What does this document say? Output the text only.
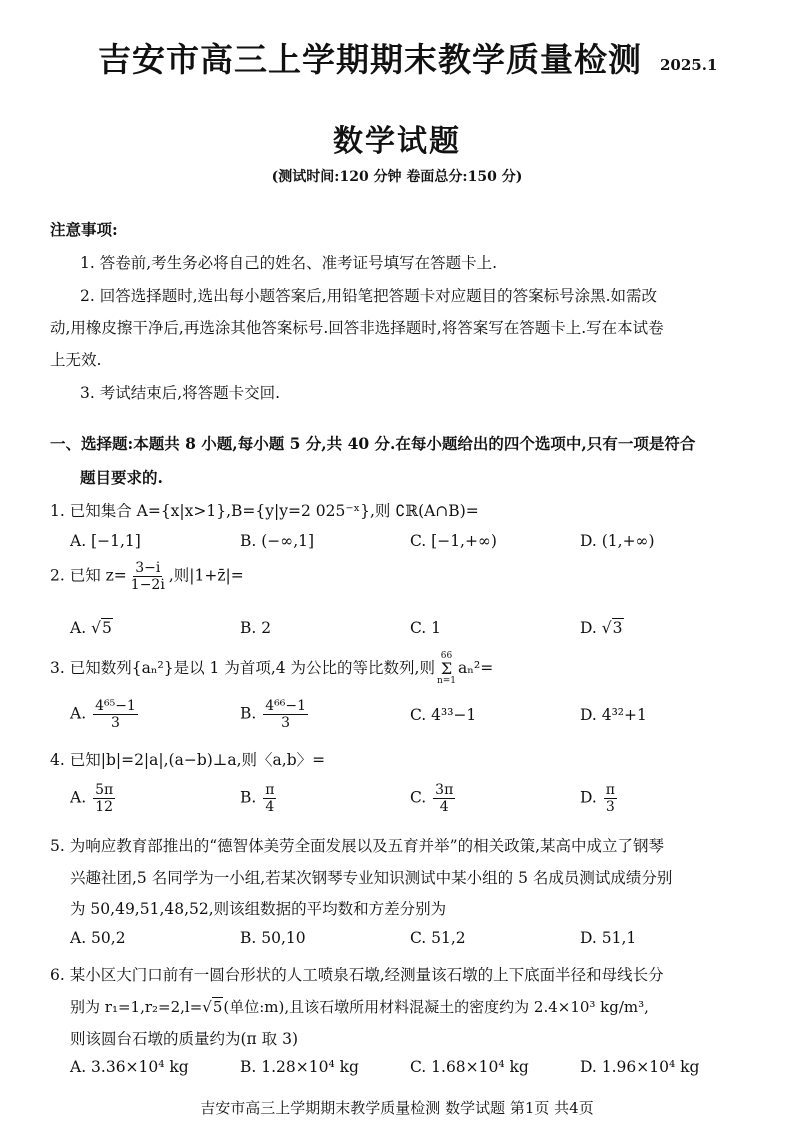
吉安市高三上学期期末教学质量检测 2025.1
数学试题
(测试时间:120 分钟 卷面总分:150 分)
注意事项:
1. 答卷前,考生务必将自己的姓名、准考证号填写在答题卡上.
2. 回答选择题时,选出每小题答案后,用铅笔把答题卡对应题目的答案标号涂黑.如需改
动,用橡皮擦干净后,再选涂其他答案标号.回答非选择题时,将答案写在答题卡上.写在本试卷
上无效.
3. 考试结束后,将答题卡交回.
一、选择题:本题共 8 小题,每小题 5 分,共 40 分.在每小题给出的四个选项中,只有一项是符合
题目要求的.
1. 已知集合 A={x|x>1},B={y|y=2 025⁻ˣ},则 ∁ℝ(A∩B)=
A. [−1,1]	B. (−∞,1]	C. [−1,+∞)	D. (1,+∞)
2. 已知 $z= \frac{3-i}{1-2i}$ ,则|1+z̄|=
A. √5	B. 2	C. 1	D. √3
3. 已知数列{aₙ²}是以 1 为首项,4 为公比的等比数列,则
66
Σ
n=1
aₙ²=
A. $\frac{\text{4⁶⁵−1}}{3}$	B. $\frac{\text{4⁶⁶−1}}{3}$	C. 4³³−1	D. 4³²+1
4. 已知|b|=2|a|,(a−b)⊥a,则〈a,b〉=
A. $\frac{5\pi}{12}$	B. $\frac{\pi}{4}$	C. $\frac{3\pi}{4}$	D. $\frac{\pi}{3}$
5. 为响应教育部推出的“德智体美劳全面发展以及五育并举”的相关政策,某高中成立了钢琴
兴趣社团,5 名同学为一小组,若某次钢琴专业知识测试中某小组的 5 名成员测试成绩分别
为 50,49,51,48,52,则该组数据的平均数和方差分别为
A. 50,2	B. 50,10	C. 51,2	D. 51,1
6. 某小区大门口前有一圆台形状的人工喷泉石墩,经测量该石墩的上下底面半径和母线长分
别为 r₁=1,r₂=2,l=√5(单位:m),且该石墩所用材料混凝土的密度约为 2.4×10³ kg/m³,
则该圆台石墩的质量约为(π 取 3)
A. 3.36×10⁴ kg	B. 1.28×10⁴ kg	C. 1.68×10⁴ kg	D. 1.96×10⁴ kg
吉安市高三上学期期末教学质量检测 数学试题 第1页 共4页
